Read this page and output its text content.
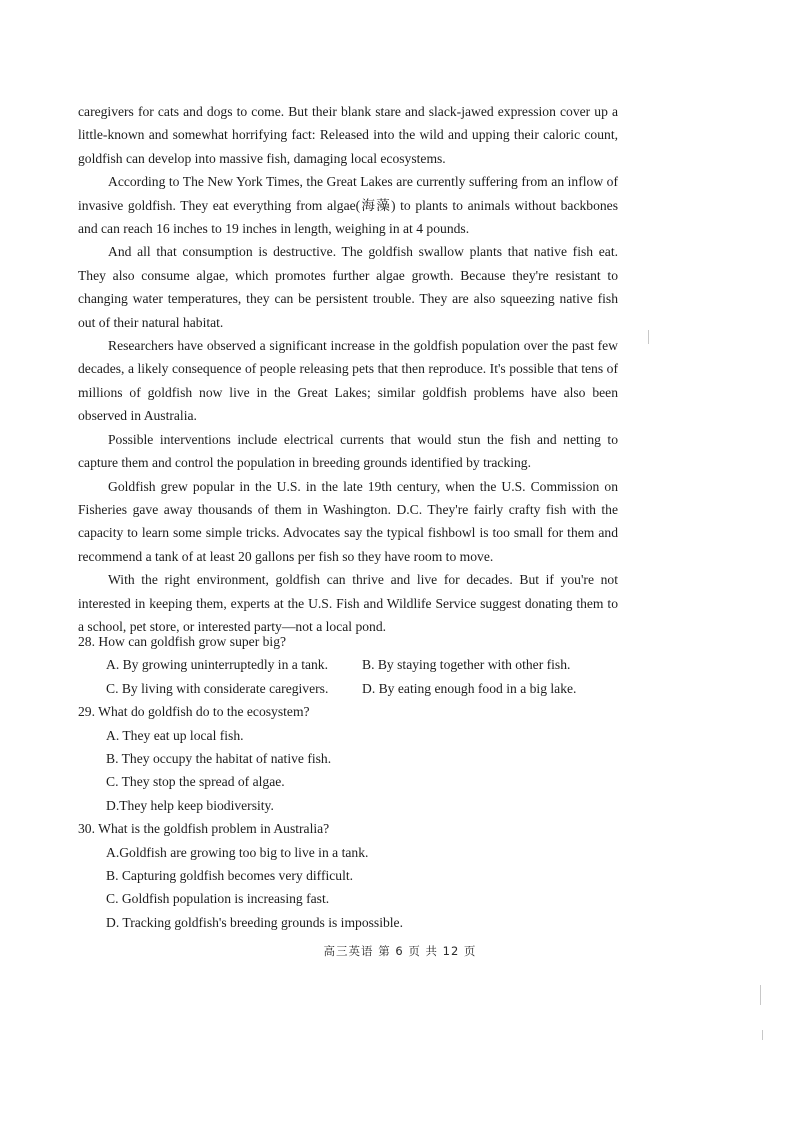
caregivers for cats and dogs to come. But their blank stare and slack-jawed expression cover up a little-known and somewhat horrifying fact: Released into the wild and upping their caloric count, goldfish can develop into massive fish, damaging local ecosystems.

According to The New York Times, the Great Lakes are currently suffering from an inflow of invasive goldfish. They eat everything from algae(海藻) to plants to animals without backbones and can reach 16 inches to 19 inches in length, weighing in at 4 pounds.

And all that consumption is destructive. The goldfish swallow plants that native fish eat. They also consume algae, which promotes further algae growth. Because they're resistant to changing water temperatures, they can be persistent trouble. They are also squeezing native fish out of their natural habitat.

Researchers have observed a significant increase in the goldfish population over the past few decades, a likely consequence of people releasing pets that then reproduce. It's possible that tens of millions of goldfish now live in the Great Lakes; similar goldfish problems have also been observed in Australia.

Possible interventions include electrical currents that would stun the fish and netting to capture them and control the population in breeding grounds identified by tracking.

Goldfish grew popular in the U.S. in the late 19th century, when the U.S. Commission on Fisheries gave away thousands of them in Washington. D.C. They're fairly crafty fish with the capacity to learn some simple tricks. Advocates say the typical fishbowl is too small for them and recommend a tank of at least 20 gallons per fish so they have room to move.

With the right environment, goldfish can thrive and live for decades. But if you're not interested in keeping them, experts at the U.S. Fish and Wildlife Service suggest donating them to a school, pet store, or interested party—not a local pond.

28. How can goldfish grow super big?

A. By growing uninterruptedly in a tank.	B. By staying together with other fish.

C. By living with considerate caregivers.	D. By eating enough food in a big lake.

29. What do goldfish do to the ecosystem?

A. They eat up local fish.

B. They occupy the habitat of native fish.

C. They stop the spread of algae.

D.They help keep biodiversity.

30. What is the goldfish problem in Australia?

A.Goldfish are growing too big to live in a tank.

B. Capturing goldfish becomes very difficult.

C. Goldfish population is increasing fast.

D. Tracking goldfish's breeding grounds is impossible.

高三英语 第 6 页 共 12 页
